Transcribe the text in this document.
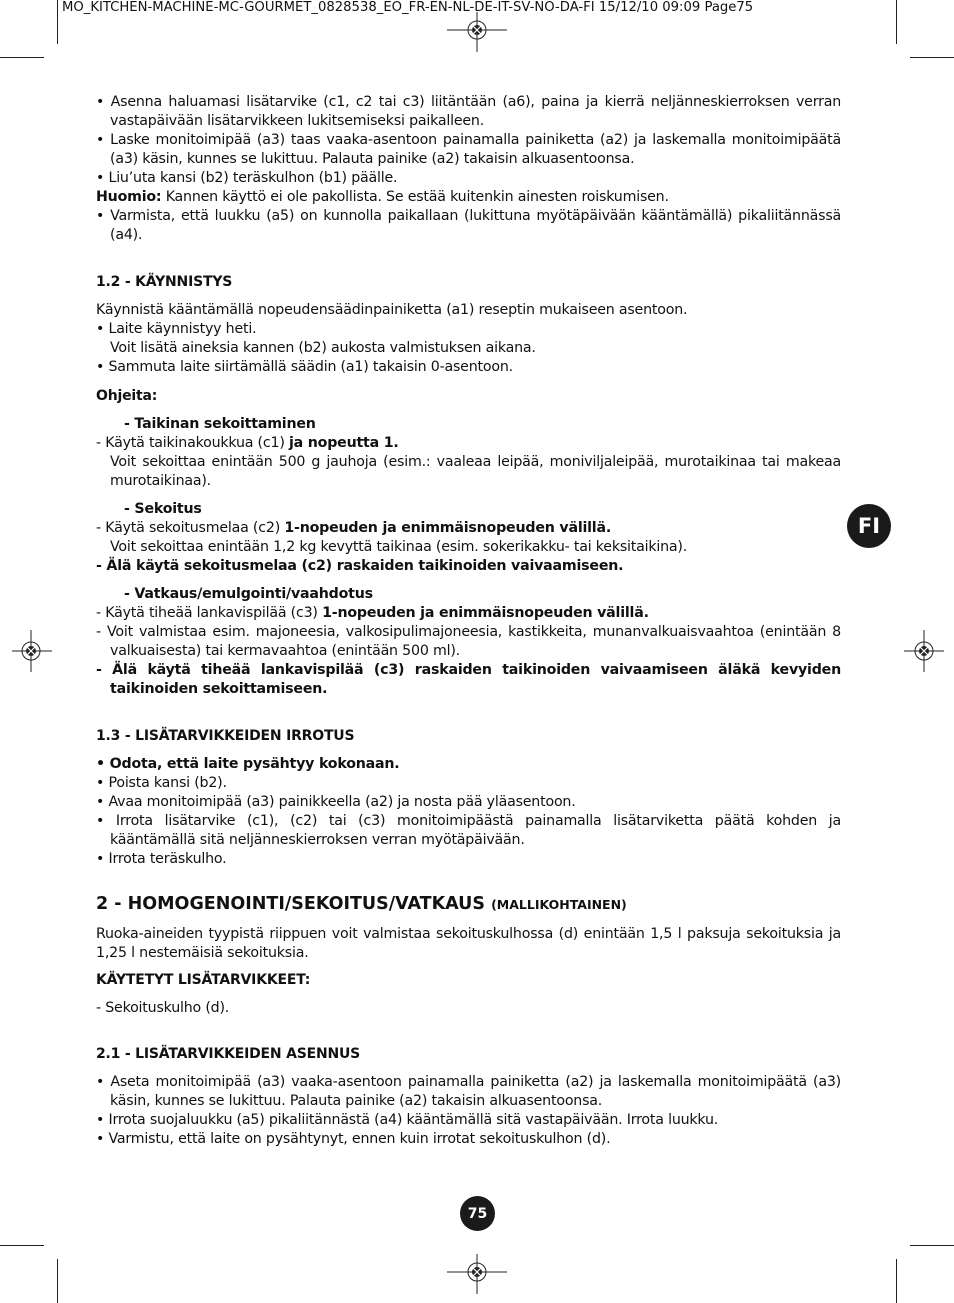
MO_KITCHEN-MACHINE-MC-GOURMET_0828538_EO_FR-EN-NL-DE-IT-SV-NO-DA-FI 15/12/10 09:09 Page75
FI
75

• Asenna haluamasi lisätarvike (c1, c2 tai c3) liitäntään (a6), paina ja kierrä neljänneskierroksen verran vastapäivään lisätarvikkeen lukitsemiseksi paikalleen.

• Laske monitoimipää (a3) taas vaaka-asentoon painamalla painiketta (a2) ja laskemalla monitoimipäätä (a3) käsin, kunnes se lukittuu. Palauta painike (a2) takaisin alkuasentoonsa.

• Liu’uta kansi (b2) teräskulhon (b1) päälle.

Huomio: Kannen käyttö ei ole pakollista. Se estää kuitenkin ainesten roiskumisen.

• Varmista, että luukku (a5) on kunnolla paikallaan (lukittuna myötäpäivään kääntämällä) pikaliitännässä (a4).

1.2 - KÄYNNISTYS

Käynnistä kääntämällä nopeudensäädinpainiketta (a1) reseptin mukaiseen asentoon.

• Laite käynnistyy heti.

Voit lisätä aineksia kannen (b2) aukosta valmistuksen aikana.

• Sammuta laite siirtämällä säädin (a1) takaisin 0-asentoon.

Ohjeita:

- Taikinan sekoittaminen

- Käytä taikinakoukkua (c1) ja nopeutta 1.

Voit sekoittaa enintään 500 g jauhoja (esim.: vaaleaa leipää, moniviljaleipää, murotaikinaa tai makeaa murotaikinaa).

- Sekoitus

- Käytä sekoitusmelaa (c2) 1-nopeuden ja enimmäisnopeuden välillä.

Voit sekoittaa enintään 1,2 kg kevyttä taikinaa (esim. sokerikakku- tai keksitaikina).

- Älä käytä sekoitusmelaa (c2) raskaiden taikinoiden vaivaamiseen.

- Vatkaus/emulgointi/vaahdotus

- Käytä tiheää lankavispilää (c3) 1-nopeuden ja enimmäisnopeuden välillä.

- Voit valmistaa esim. majoneesia, valkosipulimajoneesia, kastikkeita, munanvalkuaisvaahtoa (enintään 8 valkuaisesta) tai kermavaahtoa (enintään 500 ml).

- Älä käytä tiheää lankavispilää (c3) raskaiden taikinoiden vaivaamiseen äläkä kevyiden taikinoiden sekoittamiseen.

1.3 - LISÄTARVIKKEIDEN IRROTUS

• Odota, että laite pysähtyy kokonaan.

• Poista kansi (b2).

• Avaa monitoimipää (a3) painikkeella (a2) ja nosta pää yläasentoon.

• Irrota lisätarvike (c1), (c2) tai (c3) monitoimipäästä painamalla lisätarviketta päätä kohden ja kääntämällä sitä neljänneskierroksen verran myötäpäivään.

• Irrota teräskulho.

2 - HOMOGENOINTI/SEKOITUS/VATKAUS (MALLIKOHTAINEN)

Ruoka-aineiden tyypistä riippuen voit valmistaa sekoituskulhossa (d) enintään 1,5 l paksuja sekoituksia ja 1,25 l nestemäisiä sekoituksia.

KÄYTETYT LISÄTARVIKKEET:

- Sekoituskulho (d).

2.1 - LISÄTARVIKKEIDEN ASENNUS

• Aseta monitoimipää (a3) vaaka-asentoon painamalla painiketta (a2) ja laskemalla monitoimipäätä (a3) käsin, kunnes se lukittuu. Palauta painike (a2) takaisin alkuasentoonsa.

• Irrota suojaluukku (a5) pikaliitännästä (a4) kääntämällä sitä vastapäivään. Irrota luukku.

• Varmistu, että laite on pysähtynyt, ennen kuin irrotat sekoituskulhon (d).
